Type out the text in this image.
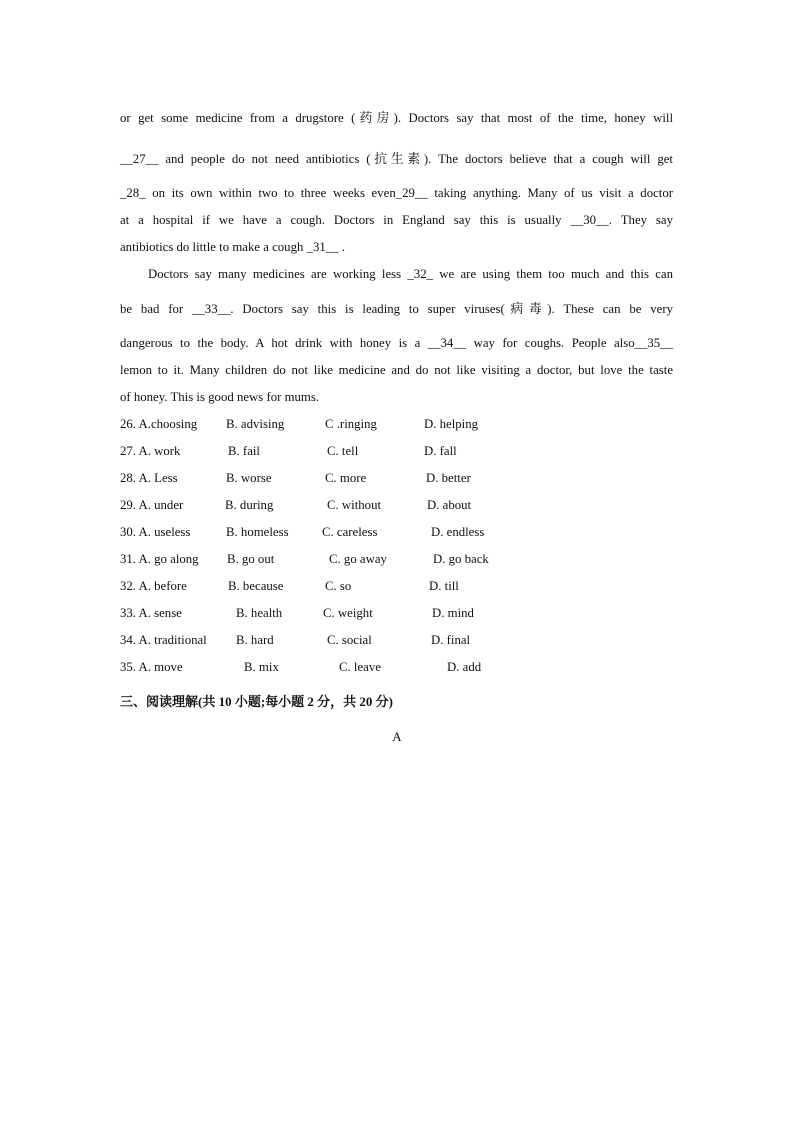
or get some medicine from a drugstore (药房). Doctors say that most of the time, honey will
__27__ and people do not need antibiotics (抗生素). The doctors believe that a cough will get
_28_ on its own within two to three weeks even_29__ taking anything. Many of us visit a doctor
at a hospital if we have a cough. Doctors in England say this is usually __30__. They say
antibiotics do little to make a cough _31__ .
Doctors say many medicines are working less _32_ we are using them too much and this can
be bad for __33__. Doctors say this is leading to super viruses(病毒). These can be very
dangerous to the body. A hot drink with honey is a __34__ way for coughs. People also__35__
lemon to it. Many children do not like medicine and do not like visiting a doctor, but love the taste
of honey. This is good news for mums.
26. A.choosing B. advising	C .ringing	D. helping
27. A. work	B. fail	C. tell	D. fall
28. A. Less	B. worse	C. more	D. better
29. A. under	B. during	C. without	D. about
30. A. useless	B. homeless	C. careless	D. endless
31. A. go along B. go out	C. go away	D. go back
32. A. before	B. because	C. so	D. till
33. A. sense	B. health	C. weight	D. mind
34. A. traditional B. hard	C. social	D. final
35. A. move	B. mix	C. leave	D. add
三、阅读理解(共 10 小题;每小题 2 分，共 20 分)
A
